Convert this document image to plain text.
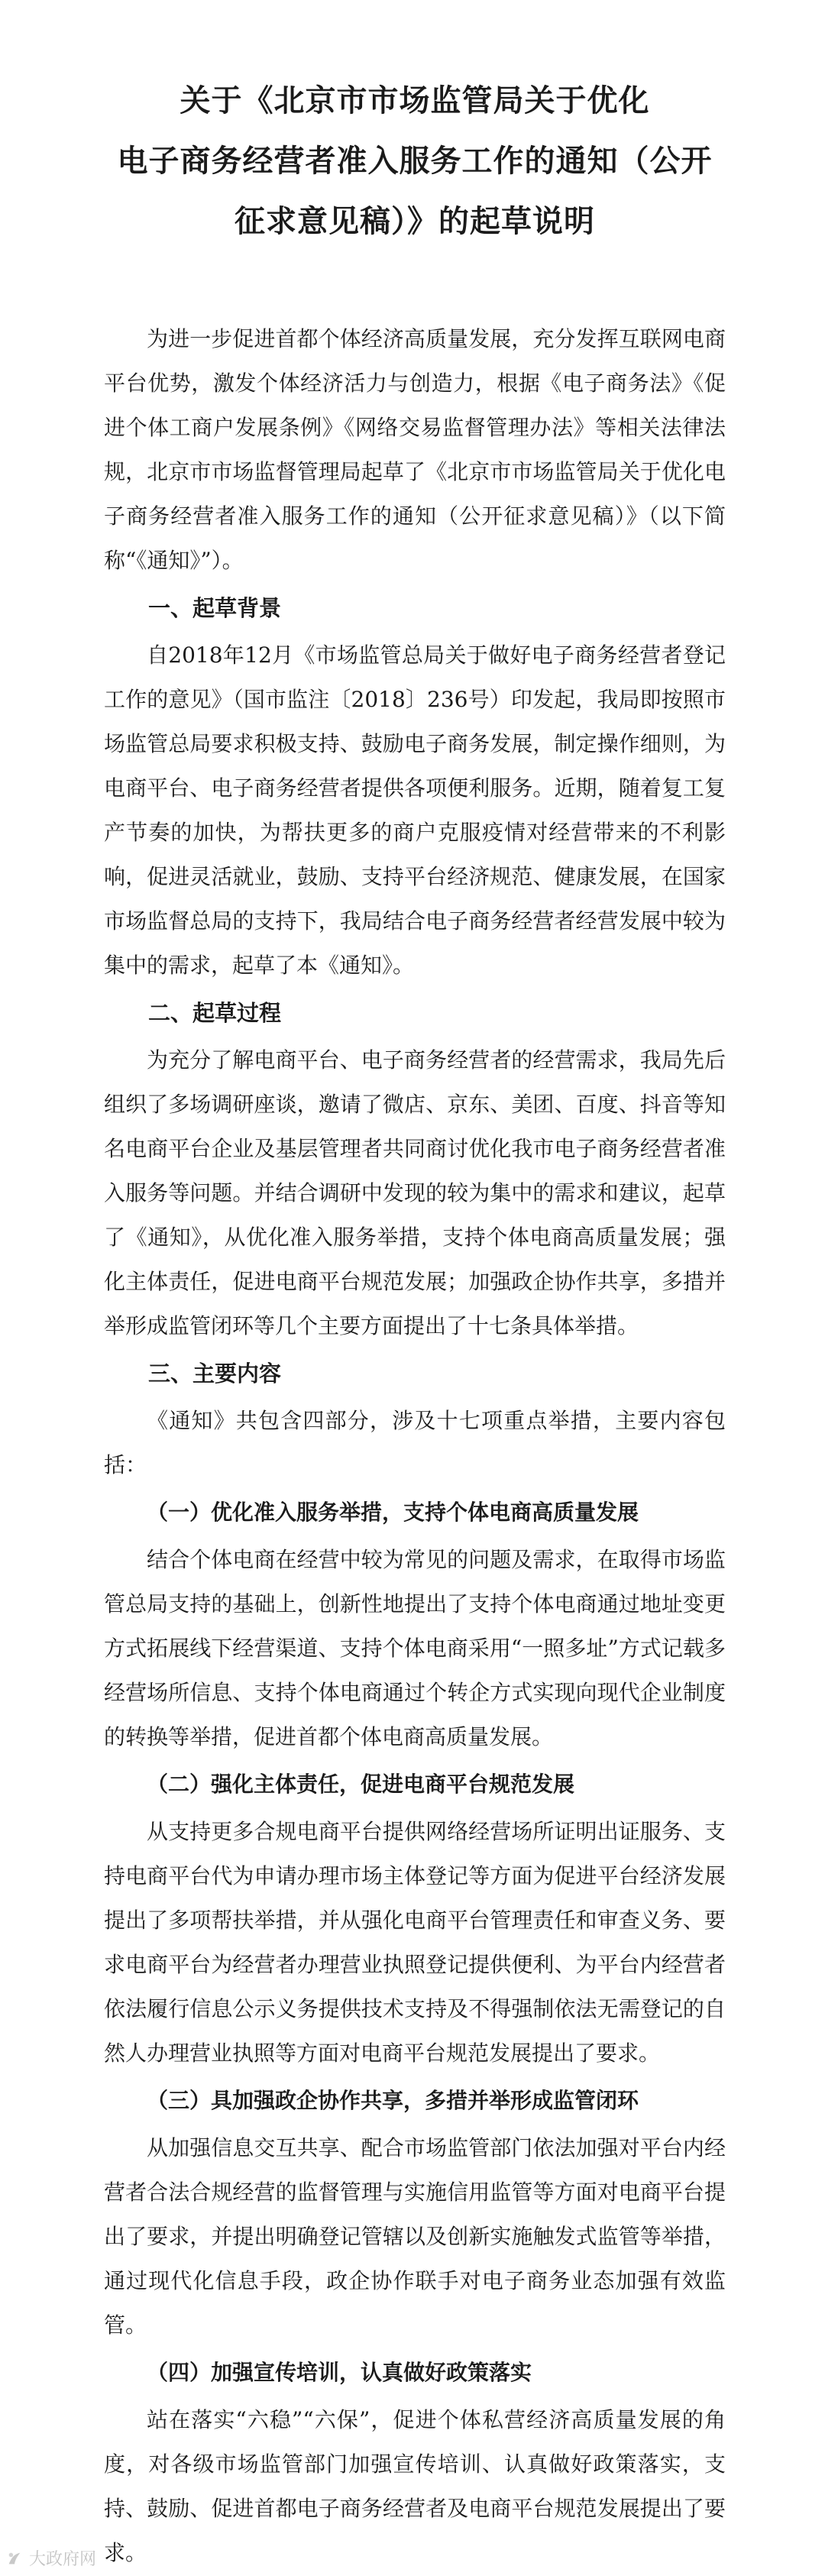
关于《北京市市场监管局关于优化
电子商务经营者准入服务工作的通知（公开
征求意见稿）》的起草说明

为进一步促进首都个体经济高质量发展，充分发挥互联网电商平台优势，激发个体经济活力与创造力，根据《电子商务法》《促进个体工商户发展条例》《网络交易监督管理办法》等相关法律法规，北京市市场监督管理局起草了《北京市市场监管局关于优化电子商务经营者准入服务工作的通知（公开征求意见稿）》（以下简称“《通知》”）。

一、起草背景

自2018年12月《市场监管总局关于做好电子商务经营者登记工作的意见》（国市监注〔2018〕236号）印发起，我局即按照市场监管总局要求积极支持、鼓励电子商务发展，制定操作细则，为电商平台、电子商务经营者提供各项便利服务。近期，随着复工复产节奏的加快，为帮扶更多的商户克服疫情对经营带来的不利影响，促进灵活就业，鼓励、支持平台经济规范、健康发展，在国家市场监督总局的支持下，我局结合电子商务经营者经营发展中较为集中的需求，起草了本《通知》。

二、起草过程

为充分了解电商平台、电子商务经营者的经营需求，我局先后组织了多场调研座谈，邀请了微店、京东、美团、百度、抖音等知名电商平台企业及基层管理者共同商讨优化我市电子商务经营者准入服务等问题。并结合调研中发现的较为集中的需求和建议，起草了《通知》，从优化准入服务举措，支持个体电商高质量发展；强化主体责任，促进电商平台规范发展；加强政企协作共享，多措并举形成监管闭环等几个主要方面提出了十七条具体举措。

三、主要内容

《通知》共包含四部分，涉及十七项重点举措，主要内容包括：

（一）优化准入服务举措，支持个体电商高质量发展

结合个体电商在经营中较为常见的问题及需求，在取得市场监管总局支持的基础上，创新性地提出了支持个体电商通过地址变更方式拓展线下经营渠道、支持个体电商采用“一照多址”方式记载多经营场所信息、支持个体电商通过个转企方式实现向现代企业制度的转换等举措，促进首都个体电商高质量发展。

（二）强化主体责任，促进电商平台规范发展

从支持更多合规电商平台提供网络经营场所证明出证服务、支持电商平台代为申请办理市场主体登记等方面为促进平台经济发展提出了多项帮扶举措，并从强化电商平台管理责任和审查义务、要求电商平台为经营者办理营业执照登记提供便利、为平台内经营者依法履行信息公示义务提供技术支持及不得强制依法无需登记的自然人办理营业执照等方面对电商平台规范发展提出了要求。

（三）具加强政企协作共享，多措并举形成监管闭环

从加强信息交互共享、配合市场监管部门依法加强对平台内经营者合法合规经营的监督管理与实施信用监管等方面对电商平台提出了要求，并提出明确登记管辖以及创新实施触发式监管等举措，通过现代化信息手段，政企协作联手对电子商务业态加强有效监管。

（四）加强宣传培训，认真做好政策落实

站在落实“六稳”“六保”，促进个体私营经济高质量发展的角度，对各级市场监管部门加强宣传培训、认真做好政策落实，支持、鼓励、促进首都电子商务经营者及电商平台规范发展提出了要求。

大政府网
